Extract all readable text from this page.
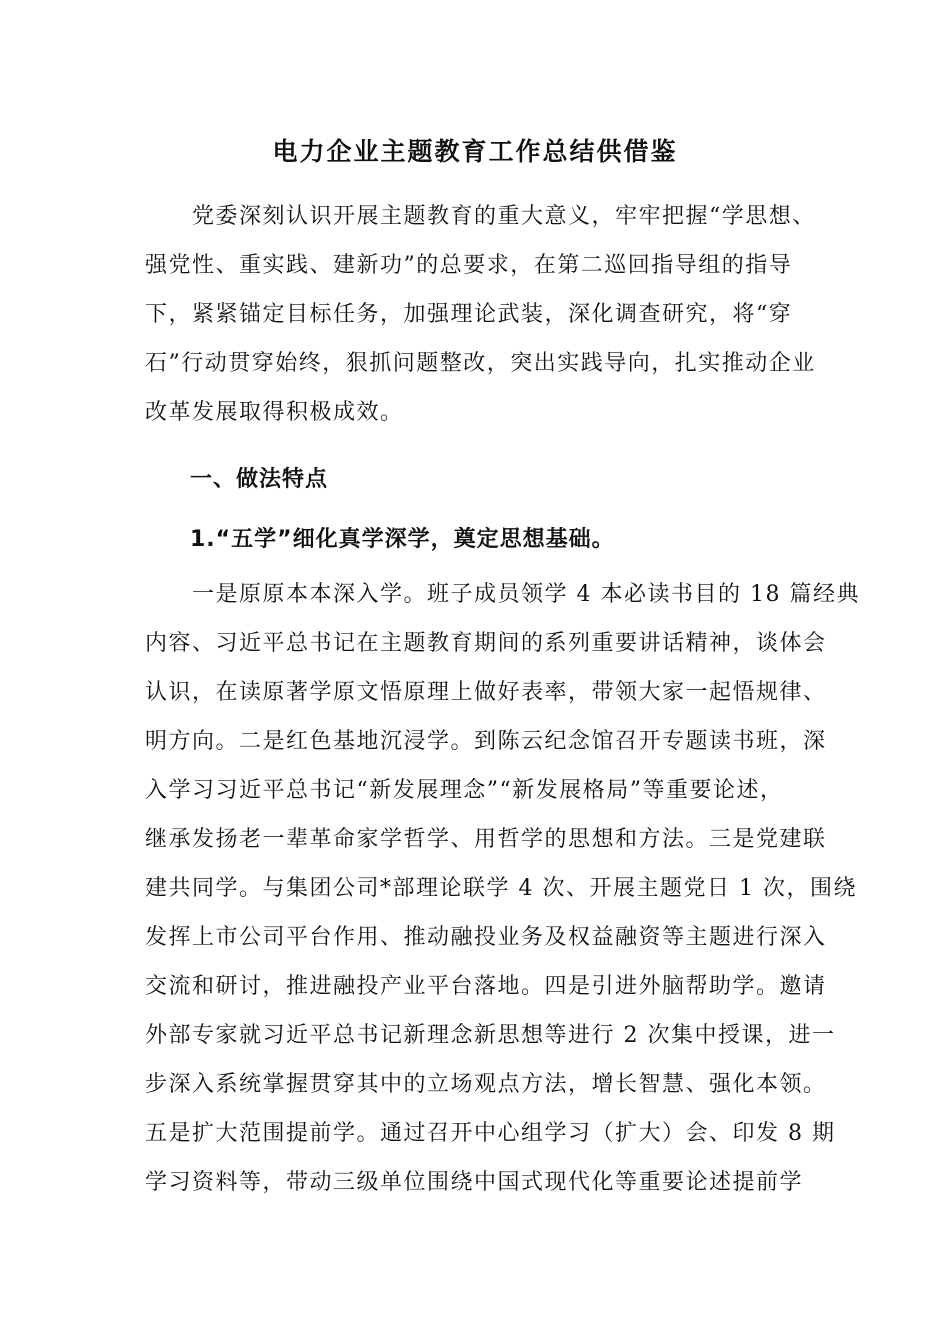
电力企业主题教育工作总结供借鉴
　　党委深刻认识开展主题教育的重大意义，牢牢把握“学思想、
强党性、重实践、建新功”的总要求，在第二巡回指导组的指导
下，紧紧锚定目标任务，加强理论武装，深化调查研究，将“穿
石”行动贯穿始终，狠抓问题整改，突出实践导向，扎实推动企业
改革发展取得积极成效。
一、做法特点
1.“五学”细化真学深学，奠定思想基础。
　　一是原原本本深入学。班子成员领学 4 本必读书目的 18 篇经典
内容、习近平总书记在主题教育期间的系列重要讲话精神，谈体会
认识，在读原著学原文悟原理上做好表率，带领大家一起悟规律、
明方向。二是红色基地沉浸学。到陈云纪念馆召开专题读书班，深
入学习习近平总书记“新发展理念”“新发展格局”等重要论述，
继承发扬老一辈革命家学哲学、用哲学的思想和方法。三是党建联
建共同学。与集团公司*部理论联学 4 次、开展主题党日 1 次，围绕
发挥上市公司平台作用、推动融投业务及权益融资等主题进行深入
交流和研讨，推进融投产业平台落地。四是引进外脑帮助学。邀请
外部专家就习近平总书记新理念新思想等进行 2 次集中授课，进一
步深入系统掌握贯穿其中的立场观点方法，增长智慧、强化本领。
五是扩大范围提前学。通过召开中心组学习（扩大）会、印发 8 期
学习资料等，带动三级单位围绕中国式现代化等重要论述提前学
